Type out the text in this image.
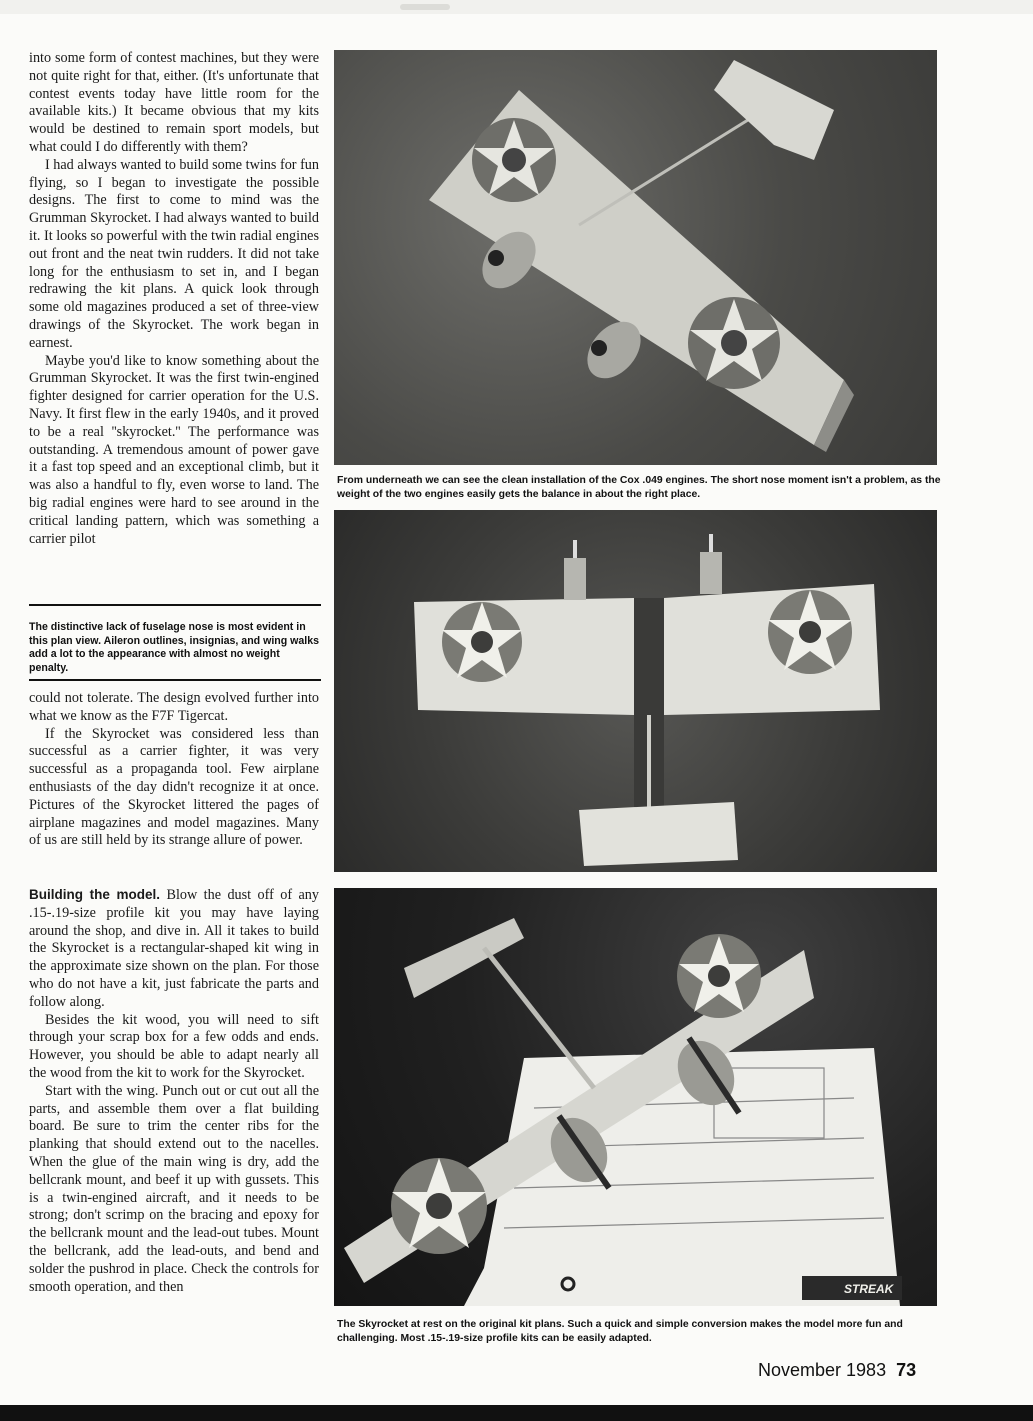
into some form of contest machines, but they were not quite right for that, either. (It's unfortunate that contest events today have little room for the available kits.) It became obvious that my kits would be destined to remain sport models, but what could I do differently with them?

I had always wanted to build some twins for fun flying, so I began to investigate the possible designs. The first to come to mind was the Grumman Skyrocket. I had always wanted to build it. It looks so powerful with the twin radial engines out front and the neat twin rudders. It did not take long for the enthusiasm to set in, and I began redrawing the kit plans. A quick look through some old magazines produced a set of three-view drawings of the Skyrocket. The work began in earnest.

Maybe you'd like to know something about the Grumman Skyrocket. It was the first twin-engined fighter designed for carrier operation for the U.S. Navy. It first flew in the early 1940s, and it proved to be a real ''skyrocket.'' The performance was outstanding. A tremendous amount of power gave it a fast top speed and an exceptional climb, but it was also a handful to fly, even worse to land. The big radial engines were hard to see around in the critical landing pattern, which was something a carrier pilot

The distinctive lack of fuselage nose is most evident in this plan view. Aileron outlines, insignias, and wing walks add a lot to the appearance with almost no weight penalty.

could not tolerate. The design evolved further into what we know as the F7F Tigercat.

If the Skyrocket was considered less than successful as a carrier fighter, it was very successful as a propaganda tool. Few airplane enthusiasts of the day didn't recognize it at once. Pictures of the Skyrocket littered the pages of airplane magazines and model magazines. Many of us are still held by its strange allure of power.

Building the model. Blow the dust off of any .15-.19-size profile kit you may have laying around the shop, and dive in. All it takes to build the Skyrocket is a rectangular-shaped kit wing in the approximate size shown on the plan. For those who do not have a kit, just fabricate the parts and follow along.

Besides the kit wood, you will need to sift through your scrap box for a few odds and ends. However, you should be able to adapt nearly all the wood from the kit to work for the Skyrocket.

Start with the wing. Punch out or cut out all the parts, and assemble them over a flat building board. Be sure to trim the center ribs for the planking that should extend out to the nacelles. When the glue of the main wing is dry, add the bellcrank mount, and beef it up with gussets. This is a twin-engined aircraft, and it needs to be strong; don't scrimp on the bracing and epoxy for the bellcrank mount and the lead-out tubes. Mount the bellcrank, add the lead-outs, and bend and solder the pushrod in place. Check the controls for smooth operation, and then

From underneath we can see the clean installation of the Cox .049 engines. The short nose moment isn't a problem, as the weight of the two engines easily gets the balance in about the right place.
STREAK
The Skyrocket at rest on the original kit plans. Such a quick and simple conversion makes the model more fun and challenging. Most .15-.19-size profile kits can be easily adapted.
November 1983 73
